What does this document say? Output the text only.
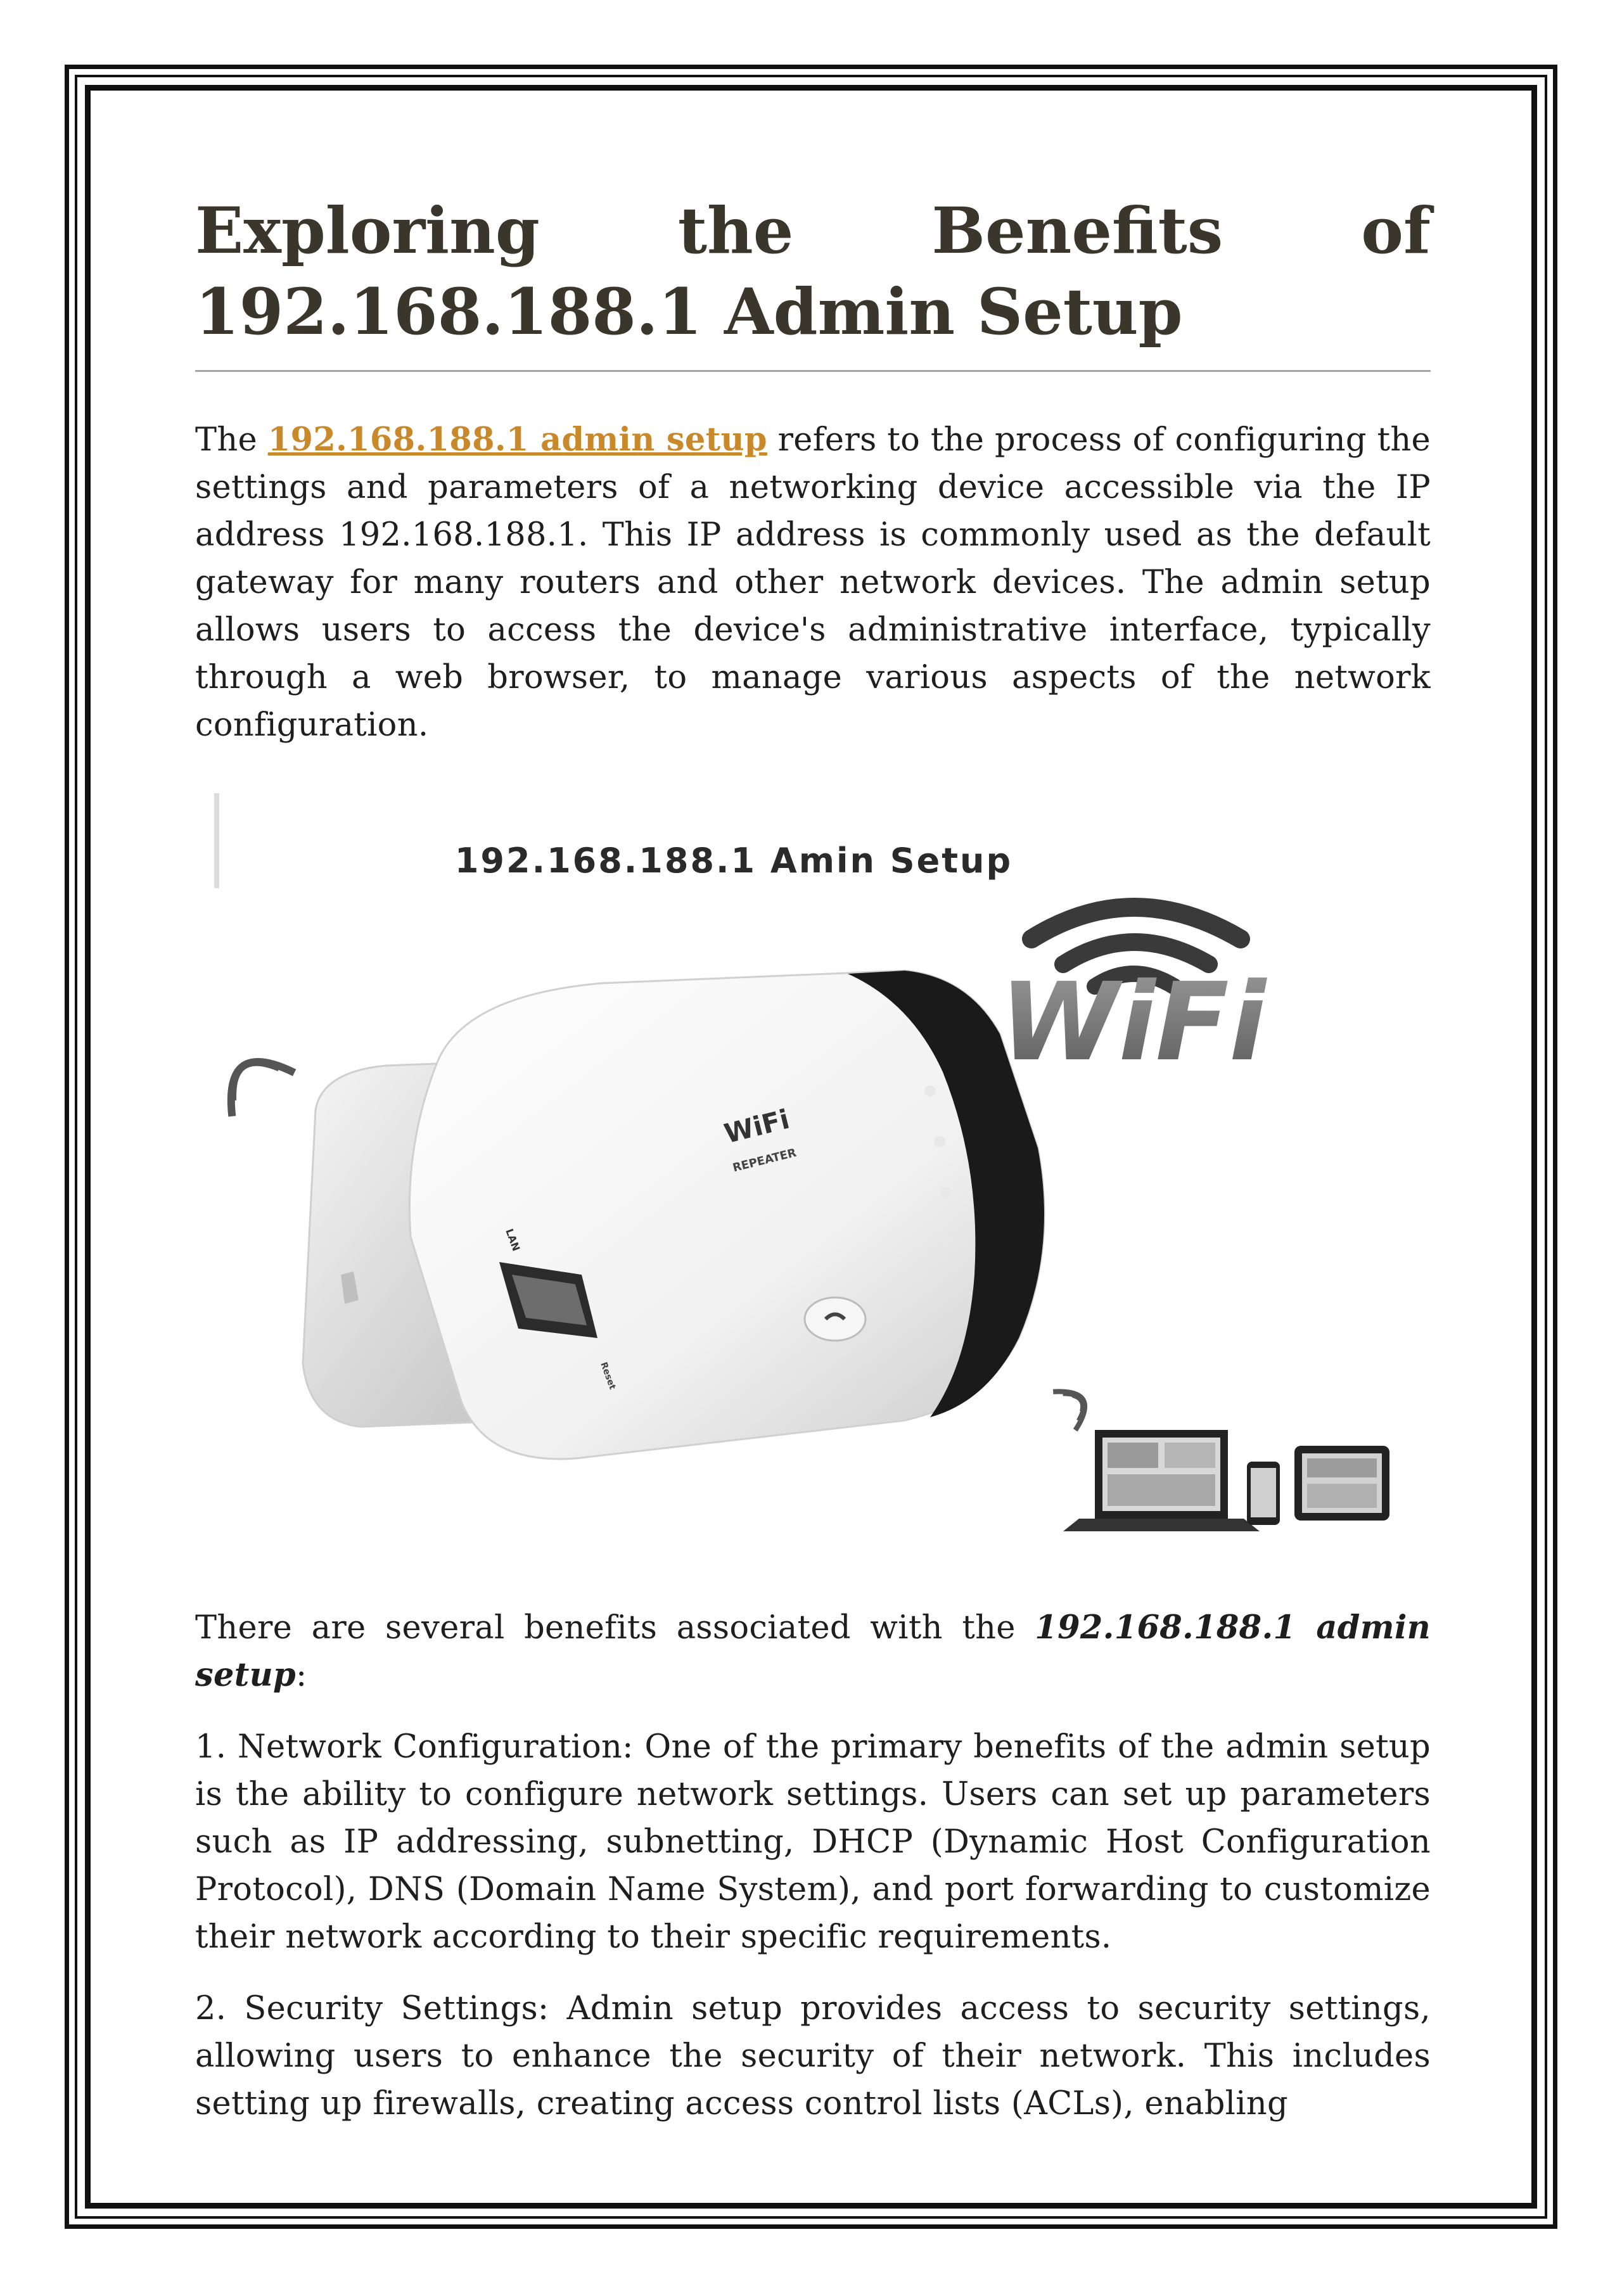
Exploring the Benefits of 192.168.188.1 Admin Setup

The 192.168.188.1 admin setup refers to the process of configuring the settings and parameters of a networking device accessible via the IP address 192.168.188.1. This IP address is commonly used as the default gateway for many routers and other network devices. The admin setup allows users to access the device's administrative interface, typically through a web browser, to manage various aspects of the network configuration.

192.168.188.1 Amin Setup
WiFi
WiFi
REPEATER
LAN
Reset

There are several benefits associated with the 192.168.188.1 admin setup:

1. Network Configuration: One of the primary benefits of the admin setup is the ability to configure network settings. Users can set up parameters such as IP addressing, subnetting, DHCP (Dynamic Host Configuration Protocol), DNS (Domain Name System), and port forwarding to customize their network according to their specific requirements.

2. Security Settings: Admin setup provides access to security settings, allowing users to enhance the security of their network. This includes setting up firewalls, creating access control lists (ACLs), enabling
